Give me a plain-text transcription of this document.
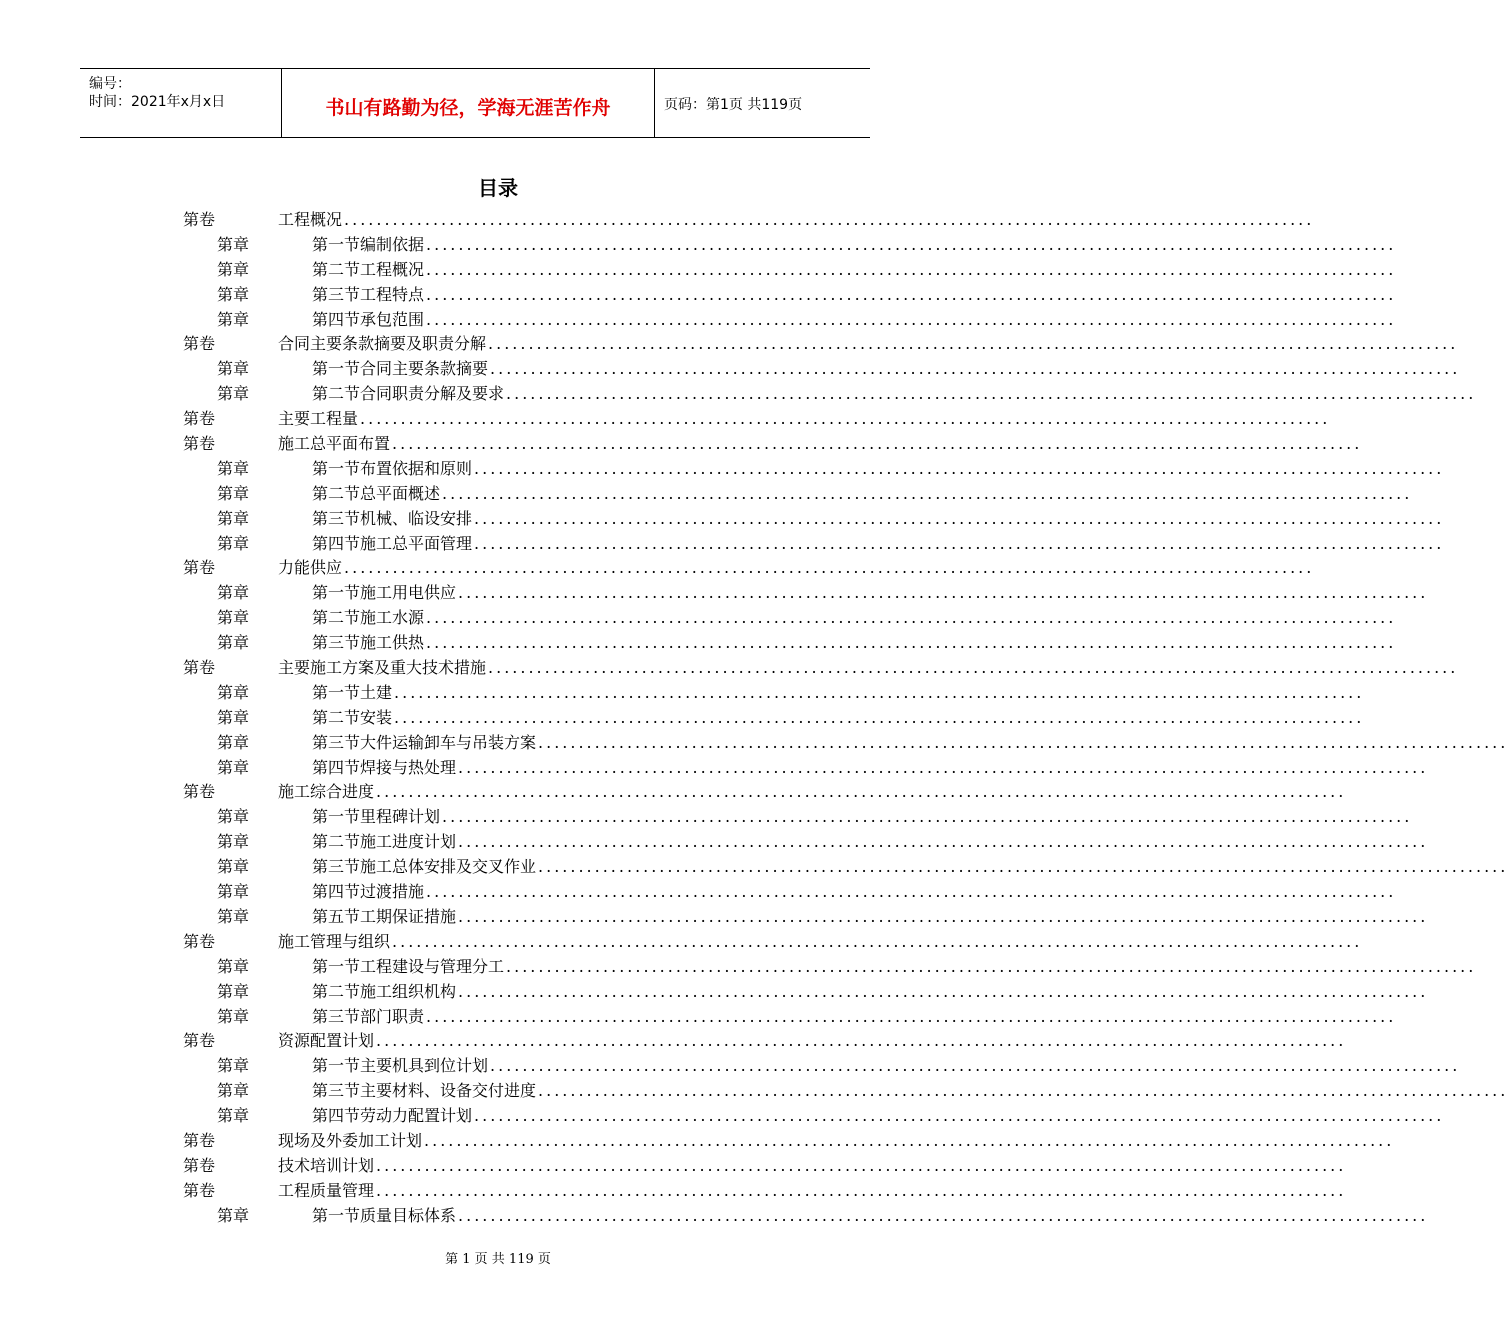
编号：
时间：2021年x月x日	书山有路勤为径，学海无涯苦作舟	页码：第1页 共119页
目录
第卷	工程概况 ........................................................................................................................
第章	第一节编制依据 ........................................................................................................................
第章	第二节工程概况 ........................................................................................................................
第章	第三节工程特点 ........................................................................................................................
第章	第四节承包范围 ........................................................................................................................
第卷	合同主要条款摘要及职责分解 ........................................................................................................................
第章	第一节合同主要条款摘要 ........................................................................................................................
第章	第二节合同职责分解及要求 ........................................................................................................................
第卷	主要工程量 ........................................................................................................................
第卷	施工总平面布置 ........................................................................................................................
第章	第一节布置依据和原则 ........................................................................................................................
第章	第二节总平面概述 ........................................................................................................................
第章	第三节机械、临设安排 ........................................................................................................................
第章	第四节施工总平面管理 ........................................................................................................................
第卷	力能供应 ........................................................................................................................
第章	第一节施工用电供应 ........................................................................................................................
第章	第二节施工水源 ........................................................................................................................
第章	第三节施工供热 ........................................................................................................................
第卷	主要施工方案及重大技术措施 ........................................................................................................................
第章	第一节土建 ........................................................................................................................
第章	第二节安装 ........................................................................................................................
第章	第三节大件运输卸车与吊装方案 ........................................................................................................................
第章	第四节焊接与热处理 ........................................................................................................................
第卷	施工综合进度 ........................................................................................................................
第章	第一节里程碑计划 ........................................................................................................................
第章	第二节施工进度计划 ........................................................................................................................
第章	第三节施工总体安排及交叉作业 ........................................................................................................................
第章	第四节过渡措施 ........................................................................................................................
第章	第五节工期保证措施 ........................................................................................................................
第卷	施工管理与组织 ........................................................................................................................
第章	第一节工程建设与管理分工 ........................................................................................................................
第章	第二节施工组织机构 ........................................................................................................................
第章	第三节部门职责 ........................................................................................................................
第卷	资源配置计划 ........................................................................................................................
第章	第一节主要机具到位计划 ........................................................................................................................
第章	第三节主要材料、设备交付进度 ........................................................................................................................
第章	第四节劳动力配置计划 ........................................................................................................................
第卷	现场及外委加工计划 ........................................................................................................................
第卷	技术培训计划 ........................................................................................................................
第卷	工程质量管理 ........................................................................................................................
第章	第一节质量目标体系 ........................................................................................................................
第 1 页 共 119 页
